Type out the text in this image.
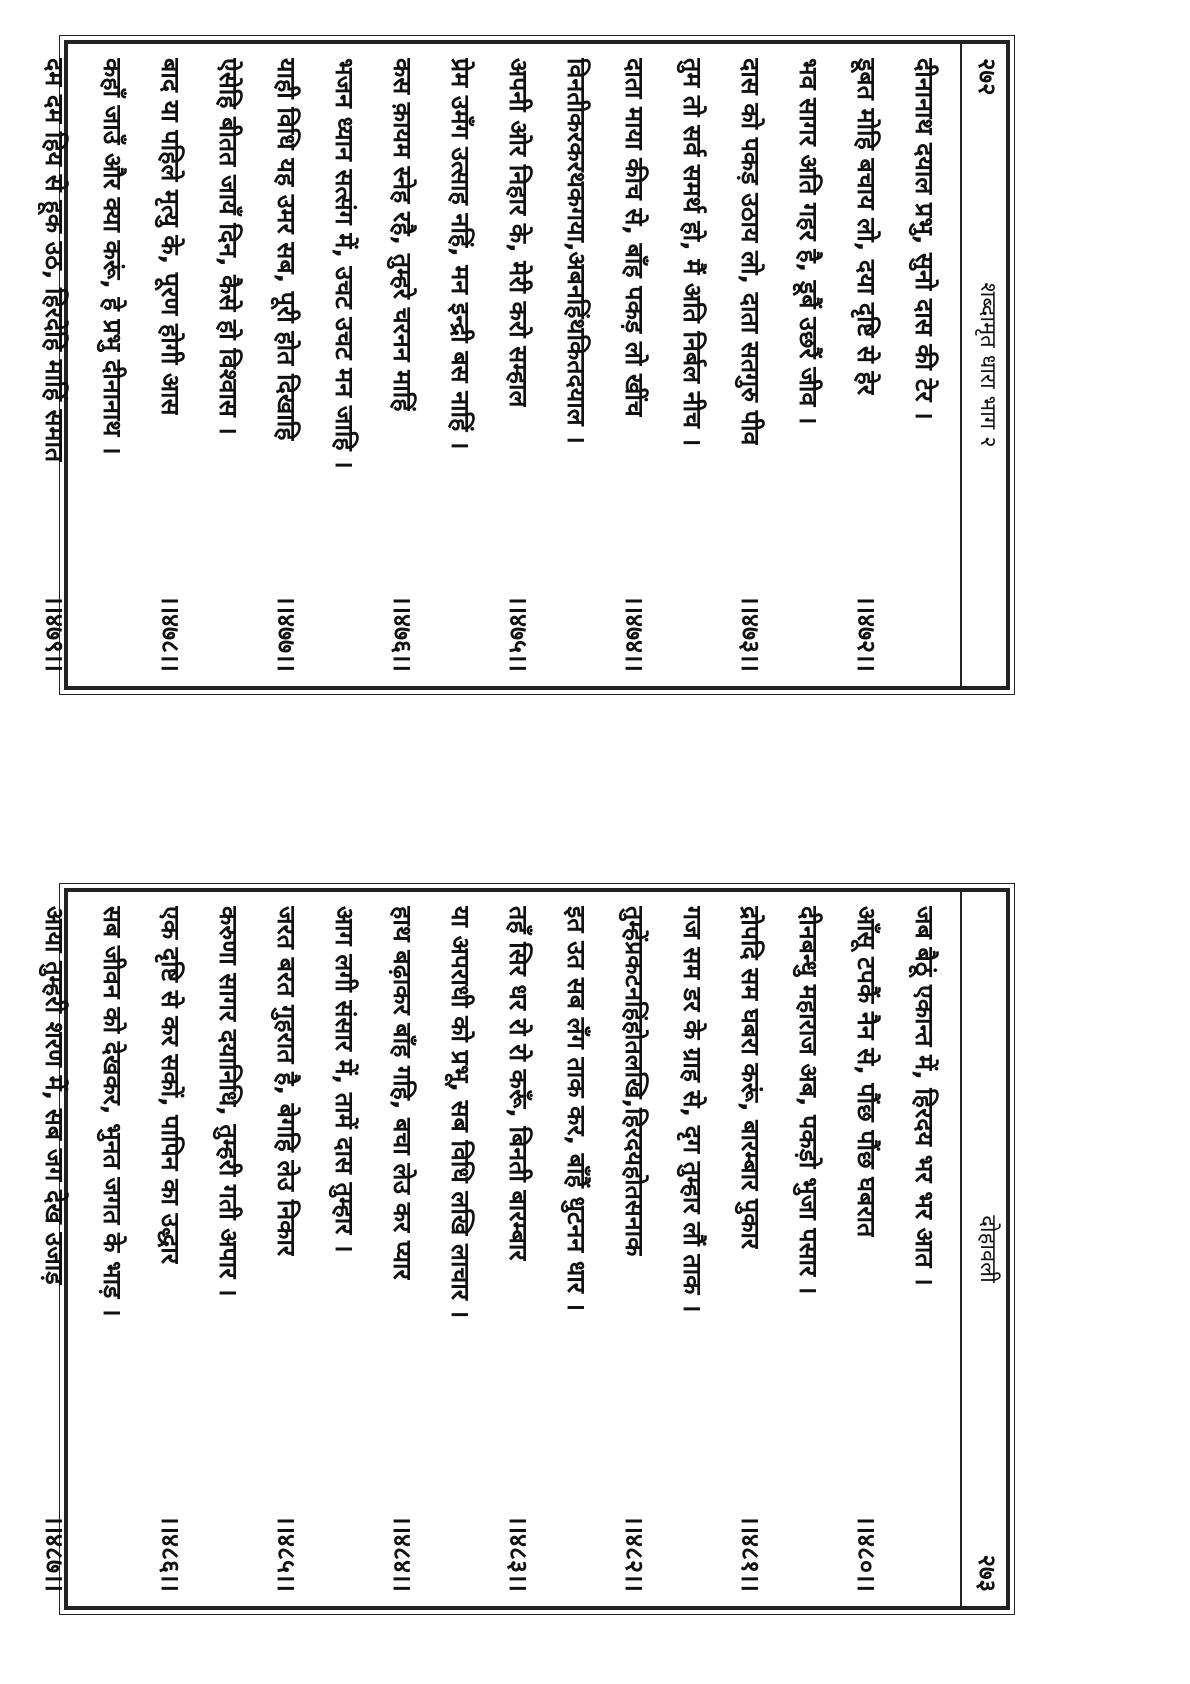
२७२
शब्दामृत धारा भाग २
दीनानाथ दयाल प्रभु, सुनो दास की टेर ।
डूबत मोहि बचाय लो, दया दृष्टि से हेर
।।४७२।।
भव सागर अति गहर है, डूबैं उछरैं जीव ।
दास को पकड़ उठाय लो, दाता सतगुरु पीव
।।४७३।।
तुम तो सर्व समर्थ हो, मैं अति निर्बल नीच ।
दाता माया कीच से, बाँह पकड़ लो खींच
।।४७४।।
विनतीकरकरथकगया,अबनहिंथकितदयाल ।
अपनी ओर निहार के, मेरी करो सम्हाल
।।४७५।।
प्रेम उमँग उत्साह नहिं, मन इन्द्री बस नाहिं ।
कस क़ायम स्नेह रहै, तुम्हरे चरनन माहिं
।।४७६।।
भजन ध्यान सत्संग में, उचट उचट मन जाहि ।
याही विधि यह उमर सब, पूरी होत दिखाहि
।।४७७।।
ऐसेहि बीतत जायँ दिन, कैसे हो विश्वास ।
बाद या पहिले मृत्यु के, पूरण होगी आस
।।४७८।।
कहाँ जाउँ और क्या करूं, हे प्रभु दीनानाथ ।
दम दम हिय से हूक उठ, हिरदेहि माहिं समात
।।४७९।।
दोहावली
२७३
जब बैठूं एकान्त में, हिरदय भर भर आत ।
आँसू टपकैं नैन से, पौंछ पौंछ घबरात
।।४८०।।
दीनबन्धु महाराज अब, पकड़ो भुजा पसार ।
द्रोपदि सम घबरा करूं, बारम्बार पुकार
।।४८१।।
गज सम डर के ग्राह से, दृग तुम्हार लौं ताक ।
तुम्हेंप्रकटनहिंहोतलखि,हिरदयहोतसनाक
।।४८२।।
इत उत सब लँग ताक कर, बाँहैं धुटनन धार ।
तहँ सिर धर रो रो करूँ, बिनती बारम्बार
।।४८३।।
या अपराधी को प्रभू, सब विधि लखि लाचार ।
हाथ बढ़ाकर बाँह गहि, बचा लेउ कर प्यार
।।४८४।।
आग लगी संसार में, तामें दास तुम्हार ।
जरत बरत गुहरात है, बेगहि लेउ निकार
।।४८५।।
करुणा सागर दयानिधि, तुम्हरी गती अपार ।
एक दृष्टि से कर सकों, पापिन का उद्धार
।।४८६।।
सब जीवन को देखकर, भुनत जगत के भाड़ ।
आया तुम्हरी शरण में, सब जग देख उजाड़
।।४८७।।
